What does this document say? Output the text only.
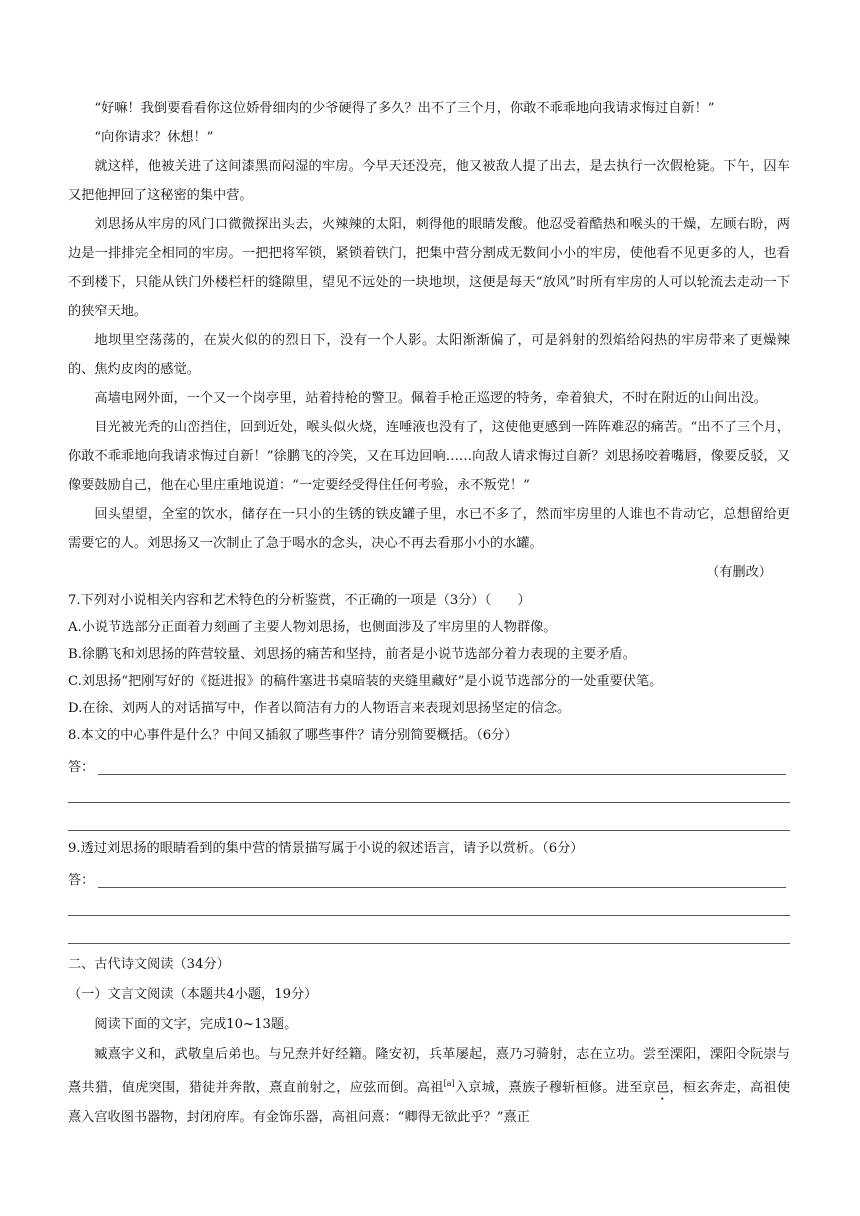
“好嘛！我倒要看看你这位娇骨细肉的少爷硬得了多久？出不了三个月，你敢不乖乖地向我请求悔过自新！”

“向你请求？休想！”

就这样，他被关进了这间漆黑而闷湿的牢房。今早天还没亮，他又被敌人提了出去，是去执行一次假枪毙。下午，囚车又把他押回了这秘密的集中营。

刘思扬从牢房的风门口微微探出头去，火辣辣的太阳，刺得他的眼睛发酸。他忍受着酷热和喉头的干燥，左顾右盼，两边是一排排完全相同的牢房。一把把将军锁，紧锁着铁门，把集中营分割成无数间小小的牢房，使他看不见更多的人，也看不到楼下，只能从铁门外楼栏杆的缝隙里，望见不远处的一块地坝，这便是每天“放风”时所有牢房的人可以轮流去走动一下的狭窄天地。

地坝里空荡荡的，在炭火似的的烈日下，没有一个人影。太阳渐渐偏了，可是斜射的烈焰给闷热的牢房带来了更燥辣的、焦灼皮肉的感觉。

高墙电网外面，一个又一个岗亭里，站着持枪的警卫。佩着手枪正巡逻的特务，牵着狼犬，不时在附近的山间出没。

目光被光秃的山峦挡住，回到近处，喉头似火烧，连唾液也没有了，这使他更感到一阵阵难忍的痛苦。“出不了三个月，你敢不乖乖地向我请求悔过自新！”徐鹏飞的冷笑，又在耳边回响……向敌人请求悔过自新？刘思扬咬着嘴唇，像要反驳，又像要鼓励自己，他在心里庄重地说道：“一定要经受得住任何考验，永不叛党！”

回头望望，全室的饮水，储存在一只小的生锈的铁皮罐子里，水已不多了，然而牢房里的人谁也不肯动它，总想留给更需要它的人。刘思扬又一次制止了急于喝水的念头，决心不再去看那小小的水罐。

（有删改）

7.下列对小说相关内容和艺术特色的分析鉴赏，不正确的一项是（3分）（　　）

A.小说节选部分正面着力刻画了主要人物刘思扬，也侧面涉及了牢房里的人物群像。

B.徐鹏飞和刘思扬的阵营较量、刘思扬的痛苦和坚持，前者是小说节选部分着力表现的主要矛盾。

C.刘思扬“把刚写好的《挺进报》的稿件塞进书桌暗装的夹缝里藏好”是小说节选部分的一处重要伏笔。

D.在徐、刘两人的对话描写中，作者以简洁有力的人物语言来表现刘思扬坚定的信念。

8.本文的中心事件是什么？中间又插叙了哪些事件？请分别简要概括。（6分）

答：

9.透过刘思扬的眼睛看到的集中营的情景描写属于小说的叙述语言，请予以赏析。（6分）

答：

二、古代诗文阅读（34分）

（一）文言文阅读（本题共4小题，19分）

阅读下面的文字，完成10~13题。

臧熹字义和，武敬皇后弟也。与兄焘并好经籍。隆安初，兵革屡起，熹乃习骑射，志在立功。尝至溧阳，溧阳令阮崇与熹共猎，值虎突围，猎徒并奔散，熹直前射之，应弦而倒。高祖[a]入京城，熹族子穆斩桓修。进至京邑，桓玄奔走，高祖使熹入宫收图书器物，封闭府库。有金饰乐器，高祖问熹：“卿得无欲此乎？”熹正
